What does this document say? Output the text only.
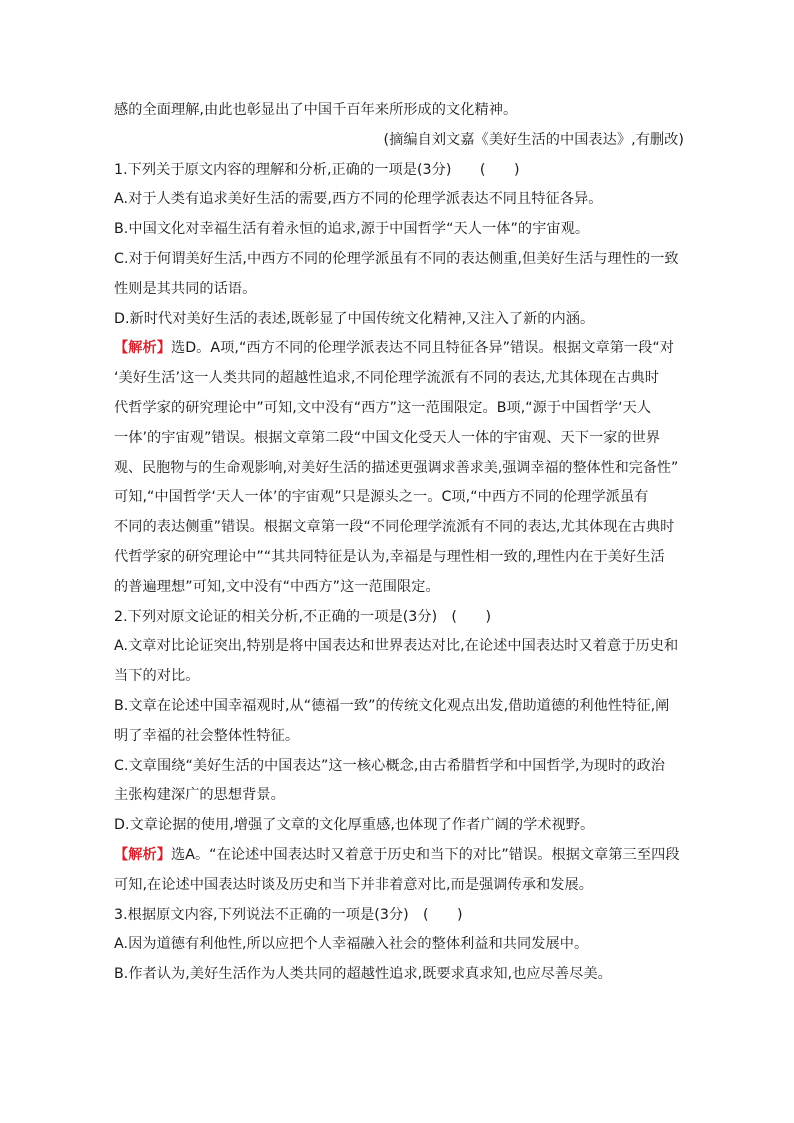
感的全面理解,由此也彰显出了中国千百年来所形成的文化精神。
(摘编自刘文嘉《美好生活的中国表达》,有删改)
1.下列关于原文内容的理解和分析,正确的一项是(3分)　　(　　)
A.对于人类有追求美好生活的需要,西方不同的伦理学派表达不同且特征各异。
B.中国文化对幸福生活有着永恒的追求,源于中国哲学“天人一体”的宇宙观。
C.对于何谓美好生活,中西方不同的伦理学派虽有不同的表达侧重,但美好生活与理性的一致
性则是其共同的话语。
D.新时代对美好生活的表述,既彰显了中国传统文化精神,又注入了新的内涵。
【解析】选D。A项,“西方不同的伦理学派表达不同且特征各异”错误。根据文章第一段“对
‘美好生活’这一人类共同的超越性追求,不同伦理学流派有不同的表达,尤其体现在古典时
代哲学家的研究理论中”可知,文中没有“西方”这一范围限定。B项,“源于中国哲学‘天人
一体’的宇宙观”错误。根据文章第二段“中国文化受天人一体的宇宙观、天下一家的世界
观、民胞物与的生命观影响,对美好生活的描述更强调求善求美,强调幸福的整体性和完备性”
可知,“中国哲学‘天人一体’的宇宙观”只是源头之一。C项,“中西方不同的伦理学派虽有
不同的表达侧重”错误。根据文章第一段“不同伦理学流派有不同的表达,尤其体现在古典时
代哲学家的研究理论中”“其共同特征是认为,幸福是与理性相一致的,理性内在于美好生活
的普遍理想”可知,文中没有“中西方”这一范围限定。
2.下列对原文论证的相关分析,不正确的一项是(3分)　(　　)
A.文章对比论证突出,特别是将中国表达和世界表达对比,在论述中国表达时又着意于历史和
当下的对比。
B.文章在论述中国幸福观时,从“德福一致”的传统文化观点出发,借助道德的利他性特征,阐
明了幸福的社会整体性特征。
C.文章围绕“美好生活的中国表达”这一核心概念,由古希腊哲学和中国哲学,为现时的政治
主张构建深广的思想背景。
D.文章论据的使用,增强了文章的文化厚重感,也体现了作者广阔的学术视野。
【解析】选A。“在论述中国表达时又着意于历史和当下的对比”错误。根据文章第三至四段
可知,在论述中国表达时谈及历史和当下并非着意对比,而是强调传承和发展。
3.根据原文内容,下列说法不正确的一项是(3分)　(　　)
A.因为道德有利他性,所以应把个人幸福融入社会的整体利益和共同发展中。
B.作者认为,美好生活作为人类共同的超越性追求,既要求真求知,也应尽善尽美。
